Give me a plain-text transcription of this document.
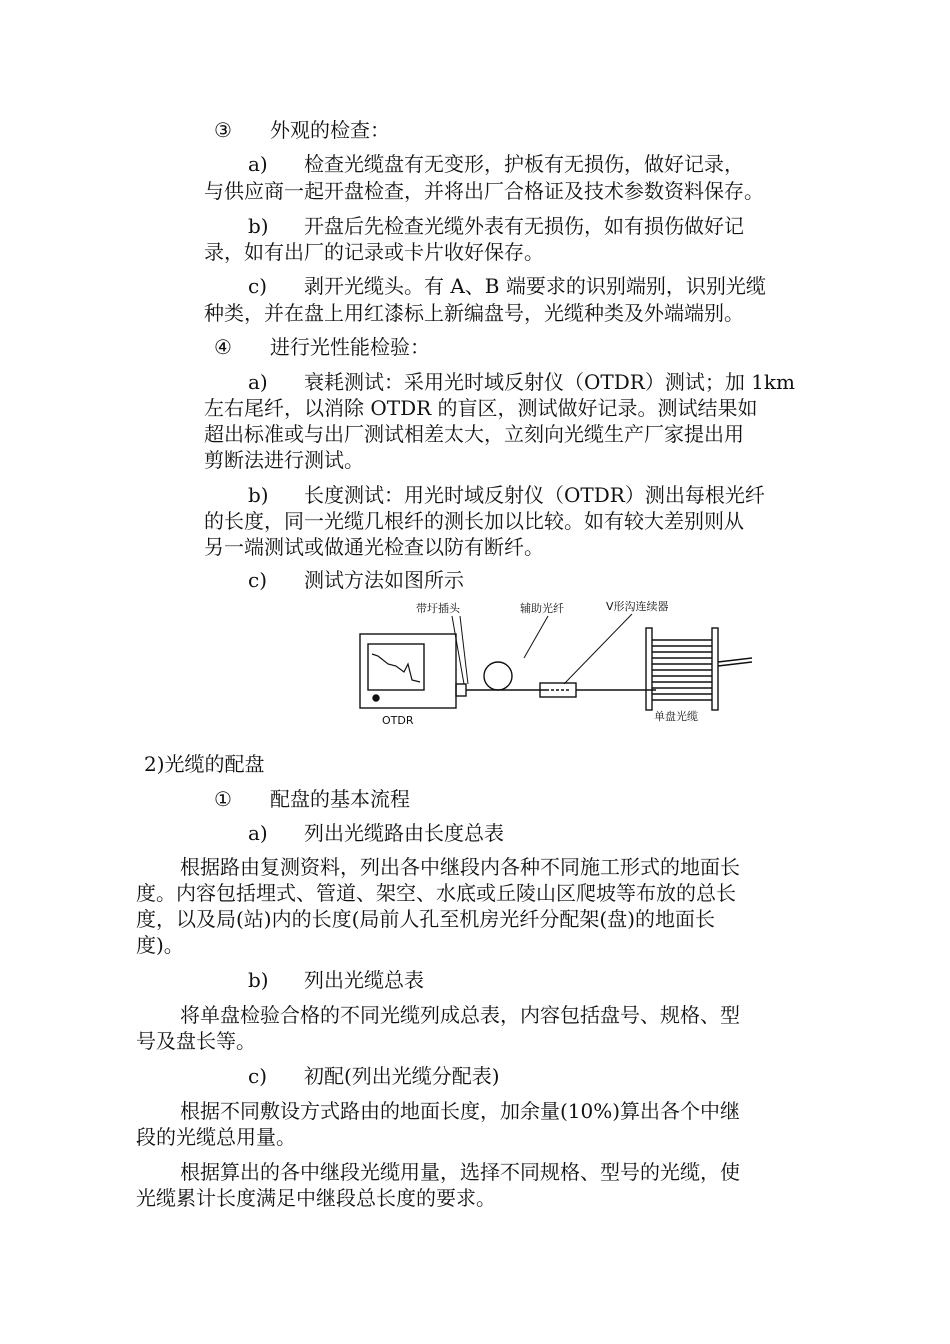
③ 外观的检查：
a) 检查光缆盘有无变形，护板有无损伤，做好记录，
与供应商一起开盘检查，并将出厂合格证及技术参数资料保存。
b) 开盘后先检查光缆外表有无损伤，如有损伤做好记
录，如有出厂的记录或卡片收好保存。
c) 剥开光缆头。有 A、B 端要求的识别端别，识别光缆
种类，并在盘上用红漆标上新编盘号，光缆种类及外端端别。
④ 进行光性能检验：
a) 衰耗测试：采用光时域反射仪（OTDR）测试；加 1km
左右尾纤，以消除 OTDR 的盲区，测试做好记录。测试结果如
超出标准或与出厂测试相差太大，立刻向光缆生产厂家提出用
剪断法进行测试。
b) 长度测试：用光时域反射仪（OTDR）测出每根光纤
的长度，同一光缆几根纤的测长加以比较。如有较大差别则从
另一端测试或做通光检查以防有断纤。
c) 测试方法如图所示
带圩插头	辅助光纤	V形沟连续器
OTDR	单盘光缆
2)光缆的配盘
① 配盘的基本流程
a) 列出光缆路由长度总表
根据路由复测资料，列出各中继段内各种不同施工形式的地面长
度。内容包括埋式、管道、架空、水底或丘陵山区爬坡等布放的总长
度，以及局(站)内的长度(局前人孔至机房光纤分配架(盘)的地面长
度)。
b) 列出光缆总表
将单盘检验合格的不同光缆列成总表，内容包括盘号、规格、型
号及盘长等。
c) 初配(列出光缆分配表)
根据不同敷设方式路由的地面长度，加余量(10%)算出各个中继
段的光缆总用量。
根据算出的各中继段光缆用量，选择不同规格、型号的光缆，使
光缆累计长度满足中继段总长度的要求。
